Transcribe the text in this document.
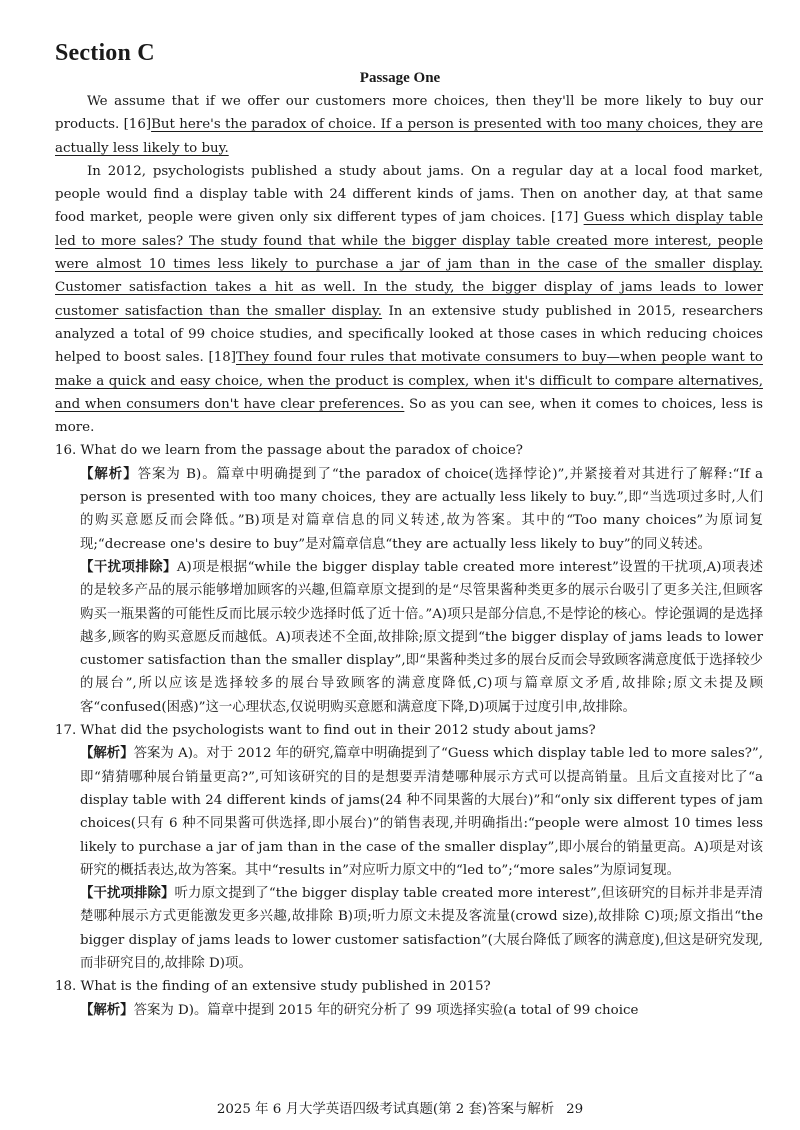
Section C
Passage One

We assume that if we offer our customers more choices, then they'll be more likely to buy our products. [16]But here's the paradox of choice. If a person is presented with too many choices, they are actually less likely to buy.

In 2012, psychologists published a study about jams. On a regular day at a local food market, people would find a display table with 24 different kinds of jams. Then on another day, at that same food market, people were given only six different types of jam choices. [17] Guess which display table led to more sales? The study found that while the bigger display table created more interest, people were almost 10 times less likely to purchase a jar of jam than in the case of the smaller display. Customer satisfaction takes a hit as well. In the study, the bigger display of jams leads to lower customer satisfaction than the smaller display. In an extensive study published in 2015, researchers analyzed a total of 99 choice studies, and specifically looked at those cases in which reducing choices helped to boost sales. [18]They found four rules that motivate consumers to buy—when people want to make a quick and easy choice, when the product is complex, when it's difficult to compare alternatives, and when consumers don't have clear preferences. So as you can see, when it comes to choices, less is more.

16. What do we learn from the passage about the paradox of choice?

【解析】答案为 B)。篇章中明确提到了“the paradox of choice(选择悖论)”,并紧接着对其进行了解释:“If a person is presented with too many choices, they are actually less likely to buy.”,即“当选项过多时,人们的购买意愿反而会降低。”B)项是对篇章信息的同义转述,故为答案。其中的“Too many choices”为原词复现;“decrease one's desire to buy”是对篇章信息“they are actually less likely to buy”的同义转述。

【干扰项排除】A)项是根据“while the bigger display table created more interest”设置的干扰项,A)项表述的是较多产品的展示能够增加顾客的兴趣,但篇章原文提到的是“尽管果酱种类更多的展示台吸引了更多关注,但顾客购买一瓶果酱的可能性反而比展示较少选择时低了近十倍。”A)项只是部分信息,不是悖论的核心。悖论强调的是选择越多,顾客的购买意愿反而越低。A)项表述不全面,故排除;原文提到“the bigger display of jams leads to lower customer satisfaction than the smaller display”,即“果酱种类过多的展台反而会导致顾客满意度低于选择较少的展台”,所以应该是选择较多的展台导致顾客的满意度降低,C)项与篇章原文矛盾,故排除;原文未提及顾客“confused(困惑)”这一心理状态,仅说明购买意愿和满意度下降,D)项属于过度引申,故排除。

17. What did the psychologists want to find out in their 2012 study about jams?

【解析】答案为 A)。对于 2012 年的研究,篇章中明确提到了“Guess which display table led to more sales?”,即“猜猜哪种展台销量更高?”,可知该研究的目的是想要弄清楚哪种展示方式可以提高销量。且后文直接对比了“a display table with 24 different kinds of jams(24 种不同果酱的大展台)”和“only six different types of jam choices(只有 6 种不同果酱可供选择,即小展台)”的销售表现,并明确指出:“people were almost 10 times less likely to purchase a jar of jam than in the case of the smaller display”,即小展台的销量更高。A)项是对该研究的概括表达,故为答案。其中“results in”对应听力原文中的“led to”;“more sales”为原词复现。

【干扰项排除】听力原文提到了“the bigger display table created more interest”,但该研究的目标并非是弄清楚哪种展示方式更能激发更多兴趣,故排除 B)项;听力原文未提及客流量(crowd size),故排除 C)项;原文指出“the bigger display of jams leads to lower customer satisfaction”(大展台降低了顾客的满意度),但这是研究发现,而非研究目的,故排除 D)项。

18. What is the finding of an extensive study published in 2015?

【解析】答案为 D)。篇章中提到 2015 年的研究分析了 99 项选择实验(a total of 99 choice

2025 年 6 月大学英语四级考试真题(第 2 套)答案与解析 29
